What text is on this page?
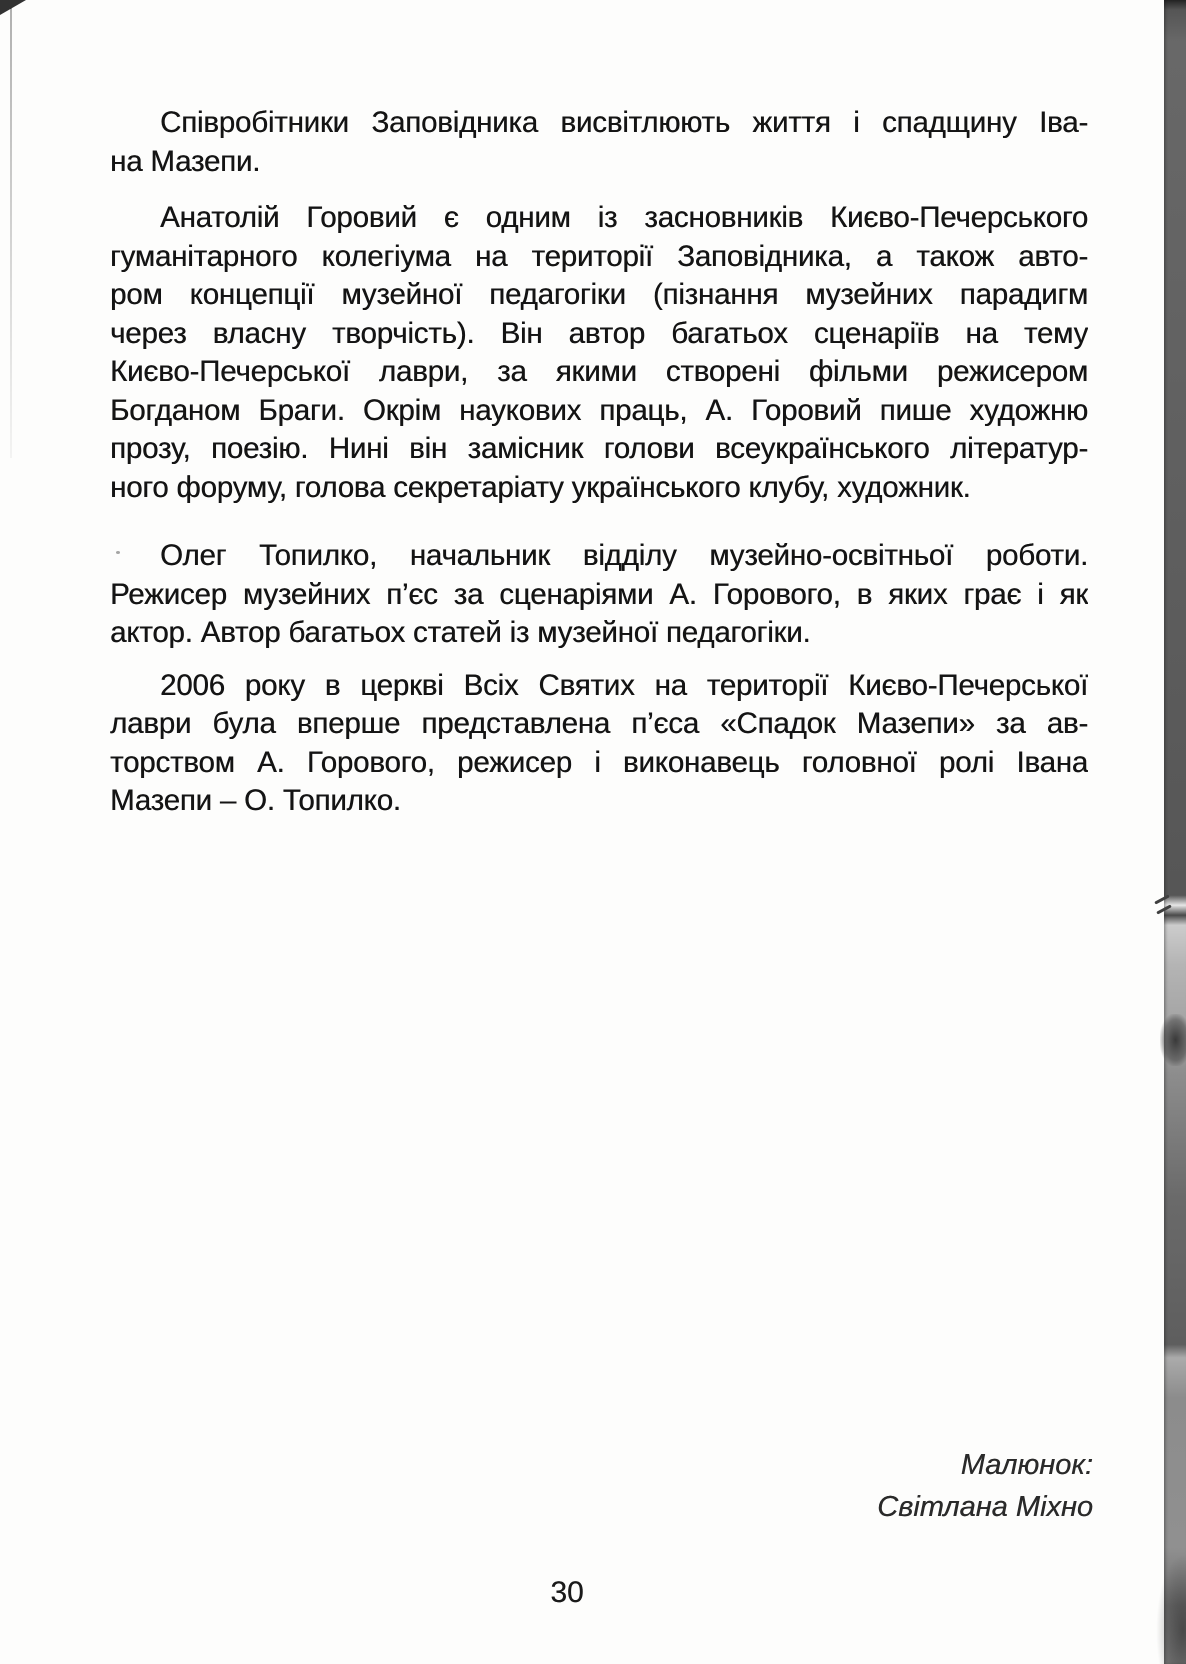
Співробітники Заповідника висвітлюють життя і спадщину Іва-
на Мазепи.
Анатолій Горовий є одним із засновників Києво-Печерського
гуманітарного колегіума на території Заповідника, а також авто-
ром концепції музейної педагогіки (пізнання музейних парадигм
через власну творчість). Він автор багатьох сценаріїв на тему
Києво-Печерської лаври, за якими створені фільми режисером
Богданом Браги. Окрім наукових праць, А. Горовий пише художню
прозу, поезію. Нині він замісник голови всеукраїнського літератур-
ного форуму, голова секретаріату українського клубу, художник.
Олег Топилко, начальник відділу музейно-освітньої роботи.
Режисер музейних п’єс за сценаріями А. Горового, в яких грає і як
актор. Автор багатьох статей із музейної педагогіки.
2006 року в церкві Всіх Святих на території Києво-Печерської
лаври була вперше представлена п’єса «Спадок Мазепи» за ав-
торством А. Горового, режисер і виконавець головної ролі Івана
Мазепи – О. Топилко.
Малюнок:
Світлана Міхно
30
